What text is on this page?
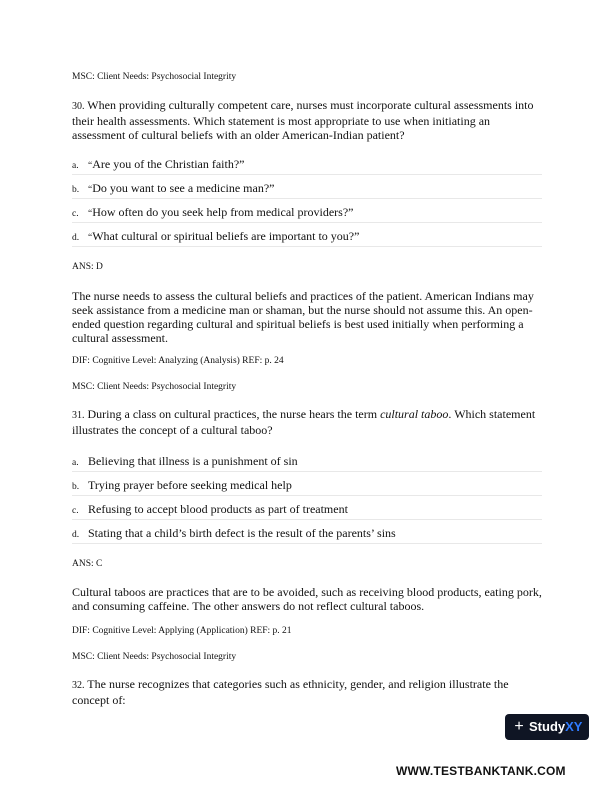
MSC: Client Needs: Psychosocial Integrity
30. When providing culturally competent care, nurses must incorporate cultural assessments into their health assessments. Which statement is most appropriate to use when initiating an assessment of cultural beliefs with an older American-Indian patient?
a. “Are you of the Christian faith?”
b. “Do you want to see a medicine man?”
c. “How often do you seek help from medical providers?”
d. “What cultural or spiritual beliefs are important to you?”
ANS: D
The nurse needs to assess the cultural beliefs and practices of the patient. American Indians may seek assistance from a medicine man or shaman, but the nurse should not assume this. An open-ended question regarding cultural and spiritual beliefs is best used initially when performing a cultural assessment.
DIF: Cognitive Level: Analyzing (Analysis) REF: p. 24
MSC: Client Needs: Psychosocial Integrity
31. During a class on cultural practices, the nurse hears the term cultural taboo. Which statement illustrates the concept of a cultural taboo?
a. Believing that illness is a punishment of sin
b. Trying prayer before seeking medical help
c. Refusing to accept blood products as part of treatment
d. Stating that a child’s birth defect is the result of the parents’ sins
ANS: C
Cultural taboos are practices that are to be avoided, such as receiving blood products, eating pork, and consuming caffeine. The other answers do not reflect cultural taboos.
DIF: Cognitive Level: Applying (Application) REF: p. 21
MSC: Client Needs: Psychosocial Integrity
32. The nurse recognizes that categories such as ethnicity, gender, and religion illustrate the concept of:
+ Study XY
WWW.TESTBANKTANK.COM
